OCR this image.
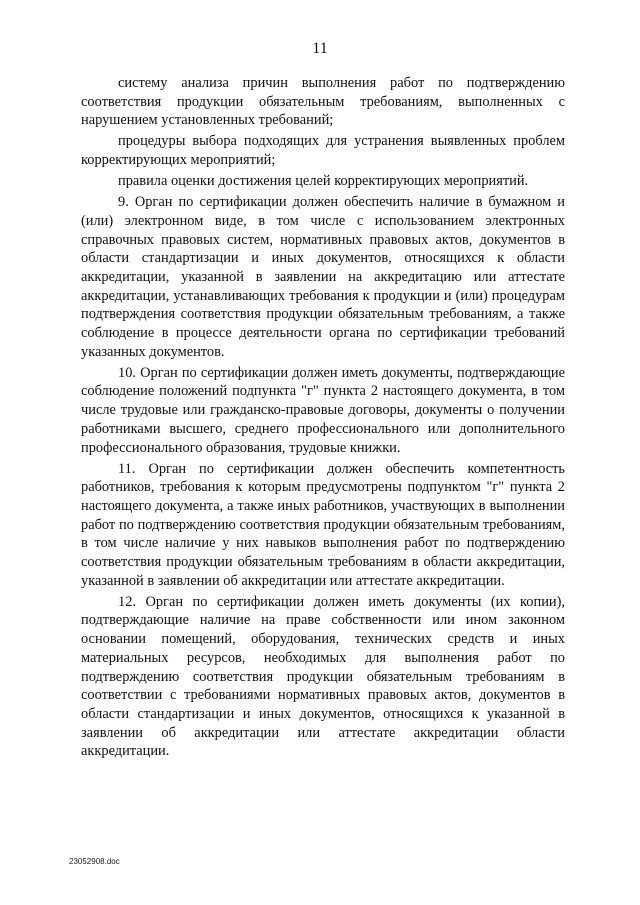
11

системy анализа причин выполнения работ по подтверждению соответствия продукции обязательным требованиям, выполненных с нарушением установленных требований;

процедуры выбора подходящих для устранения выявленных проблем корректирующих мероприятий;

правила оценки достижения целей корректирующих мероприятий.

9. Орган по сертификации должен обеспечить наличие в бумажном и (или) электронном виде, в том числе с использованием электронных справочных правовых систем, нормативных правовых актов, документов в области стандартизации и иных документов, относящихся к области аккредитации, указанной в заявлении на аккредитацию или аттестате аккредитации, устанавливающих требования к продукции и (или) процедурам подтверждения соответствия продукции обязательным требованиям, а также соблюдение в процессе деятельности органа по сертификации требований указанных документов.

10. Орган по сертификации должен иметь документы, подтверждающие соблюдение положений подпункта "г" пункта 2 настоящего документа, в том числе трудовые или гражданско-правовые договоры, документы о получении работниками высшего, среднего профессионального или дополнительного профессионального образования, трудовые книжки.

11. Орган по сертификации должен обеспечить компетентность работников, требования к которым предусмотрены подпунктом "г" пункта 2 настоящего документа, а также иных работников, участвующих в выполнении работ по подтверждению соответствия продукции обязательным требованиям, в том числе наличие у них навыков выполнения работ по подтверждению соответствия продукции обязательным требованиям в области аккредитации, указанной в заявлении об аккредитации или аттестате аккредитации.

12. Орган по сертификации должен иметь документы (их копии), подтверждающие наличие на праве собственности или ином законном основании помещений, оборудования, технических средств и иных материальных ресурсов, необходимых для выполнения работ по подтверждению соответствия продукции обязательным требованиям в соответствии с требованиями нормативных правовых актов, документов в области стандартизации и иных документов, относящихся к указанной в заявлении об аккредитации или аттестате аккредитации области аккредитации.

23052908.doc
